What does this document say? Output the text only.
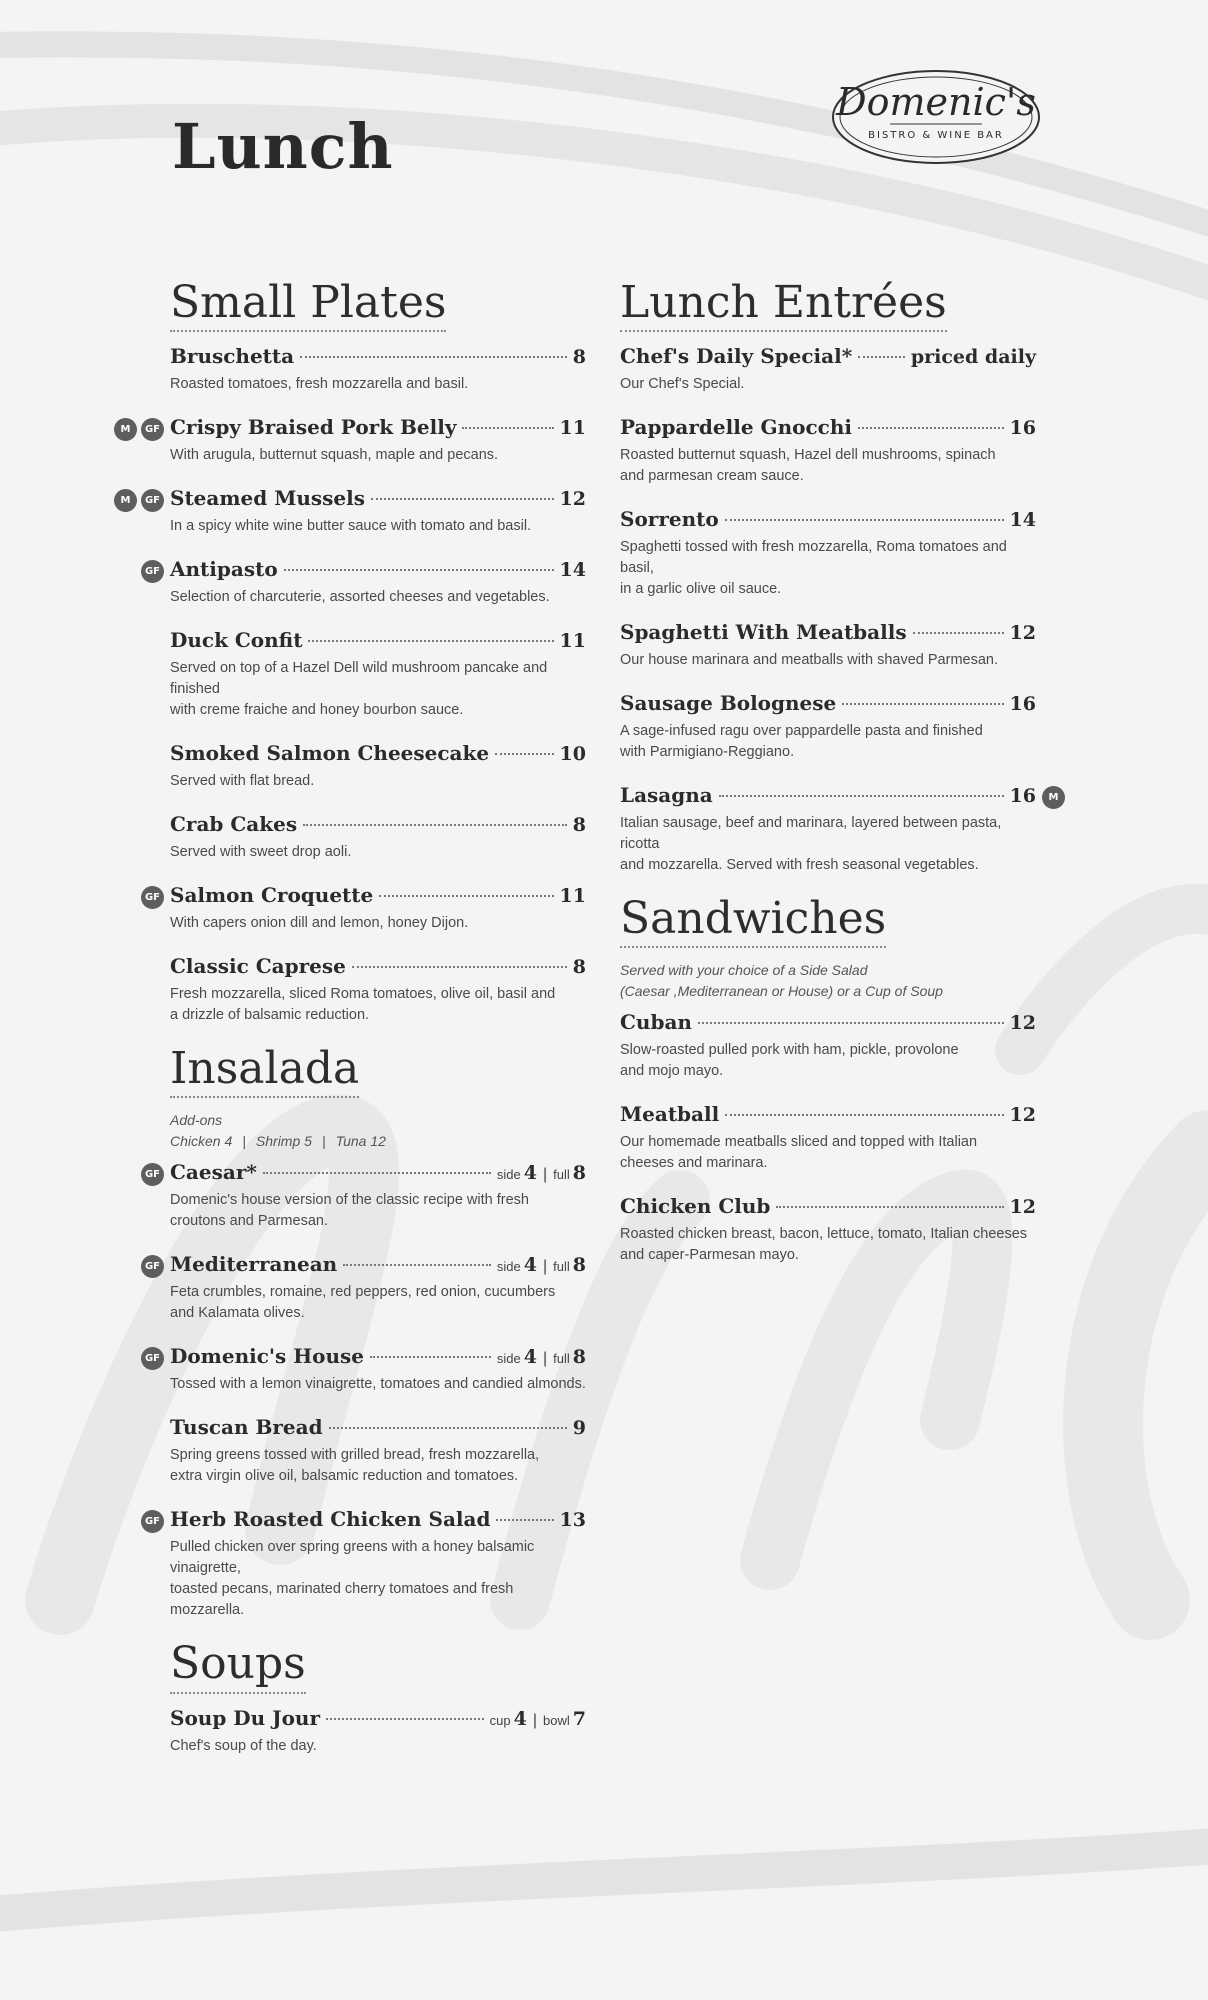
Lunch
Domenic's
BISTRO & WINE BAR
Small Plates
Bruschetta	8
Roasted tomatoes, fresh mozzarella and basil.
Crispy Braised Pork Belly	11
With arugula, butternut squash, maple and pecans.
M	GF
Steamed Mussels	12
In a spicy white wine butter sauce with tomato and basil.
M	GF
Antipasto	14
Selection of charcuterie, assorted cheeses and vegetables.
GF
Duck Confit	11
Served on top of a Hazel Dell wild mushroom pancake and finished
with creme fraiche and honey bourbon sauce.
Smoked Salmon Cheesecake	10
Served with flat bread.
Crab Cakes	8
Served with sweet drop aoli.
Salmon Croquette	11
With capers onion dill and lemon, honey Dijon.
GF
Classic Caprese	8
Fresh mozzarella, sliced Roma tomatoes, olive oil, basil and
a drizzle of balsamic reduction.
Insalada
Add-ons
Chicken 4 | Shrimp 5 | Tuna 12
Caesar*	side 4 | full 8
Domenic's house version of the classic recipe with fresh
croutons and Parmesan.
GF
Mediterranean	side 4 | full 8
Feta crumbles, romaine, red peppers, red onion, cucumbers
and Kalamata olives.
GF
Domenic's House	side 4 | full 8
Tossed with a lemon vinaigrette, tomatoes and candied almonds.
GF
Tuscan Bread	9
Spring greens tossed with grilled bread, fresh mozzarella,
extra virgin olive oil, balsamic reduction and tomatoes.
Herb Roasted Chicken Salad	13
Pulled chicken over spring greens with a honey balsamic vinaigrette,
toasted pecans, marinated cherry tomatoes and fresh mozzarella.
GF
Soups
Soup Du Jour	cup 4 | bowl 7
Chef's soup of the day.
Lunch Entrées
Chef's Daily Special*	priced daily
Our Chef's Special.
Pappardelle Gnocchi	16
Roasted butternut squash, Hazel dell mushrooms, spinach
and parmesan cream sauce.
Sorrento	14
Spaghetti tossed with fresh mozzarella, Roma tomatoes and basil,
in a garlic olive oil sauce.
Spaghetti With Meatballs	12
Our house marinara and meatballs with shaved Parmesan.
Sausage Bolognese	16
A sage-infused ragu over pappardelle pasta and finished
with Parmigiano-Reggiano.
Lasagna	16
Italian sausage, beef and marinara, layered between pasta, ricotta
and mozzarella. Served with fresh seasonal vegetables.
M
Sandwiches
Served with your choice of a Side Salad
(Caesar ,Mediterranean or House) or a Cup of Soup
Cuban	12
Slow-roasted pulled pork with ham, pickle, provolone
and mojo mayo.
Meatball	12
Our homemade meatballs sliced and topped with Italian
cheeses and marinara.
Chicken Club	12
Roasted chicken breast, bacon, lettuce, tomato, Italian cheeses
and caper-Parmesan mayo.
